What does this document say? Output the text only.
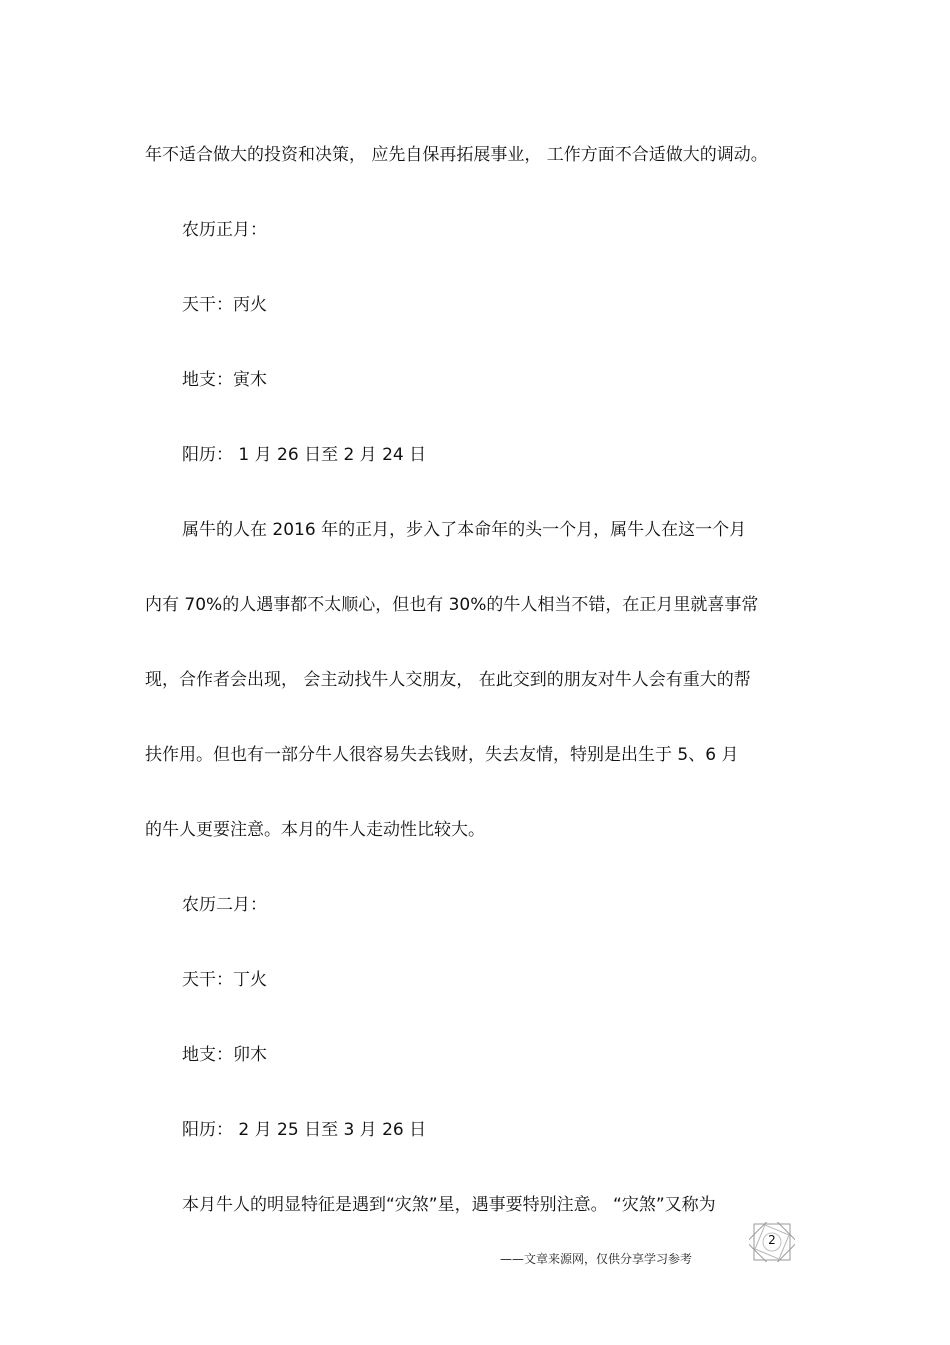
年不适合做大的投资和决策， 应先自保再拓展事业， 工作方面不合适做大的调动。
农历正月：
天干：丙火
地支：寅木
阳历： 1 月 26 日至 2 月 24 日
属牛的人在 2016 年的正月，步入了本命年的头一个月，属牛人在这一个月
内有 70%的人遇事都不太顺心，但也有 30%的牛人相当不错，在正月里就喜事常
现，合作者会出现， 会主动找牛人交朋友， 在此交到的朋友对牛人会有重大的帮
扶作用。但也有一部分牛人很容易失去钱财，失去友情，特别是出生于 5、6 月
的牛人更要注意。本月的牛人走动性比较大。
农历二月：
天干：丁火
地支：卯木
阳历： 2 月 25 日至 3 月 26 日
本月牛人的明显特征是遇到“灾煞”星，遇事要特别注意。 “灾煞”又称为
2
——文章来源网，仅供分享学习参考
